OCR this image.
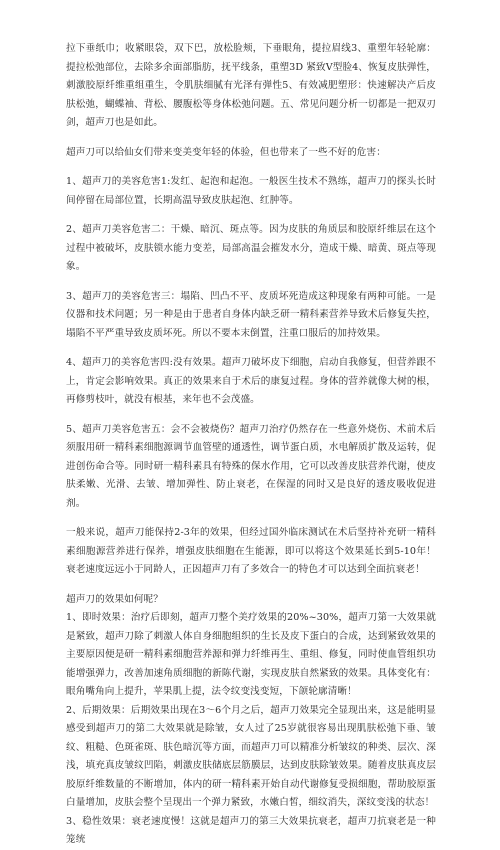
拉下垂纸巾；收紧眼袋，双下巴，放松脸颊，下垂眼角，提拉眉线3、重塑年轻轮廓：提拉松弛部位，去除多余面部脂肪，抚平线条，重塑3D 紧致V型脸4、恢复皮肤弹性，刺激胶原纤维重组重生，令肌肤细腻有光泽有弹性5、有效减肥塑形：快速解决产后皮肤松弛，蝴蝶袖、背松、腰腹松等身体松弛问题。五、常见问题分析一切都是一把双刃剑，超声刀也是如此。

超声刀可以给仙女们带来变美变年轻的体验，但也带来了一些不好的危害：

1、超声刀的美容危害1:发红、起泡和起泡。一般医生技术不熟练，超声刀的探头长时间停留在局部位置，长期高温导致皮肤起泡、红肿等。

2、超声刀美容危害二：干燥、暗沉、斑点等。因为皮肤的角质层和胶原纤维层在这个过程中被破坏，皮肤锁水能力变差，局部高温会摧发水分，造成干燥、暗黄、斑点等现象。

3、超声刀的美容危害三：塌陷、凹凸不平、皮质坏死造成这种现象有两种可能。一是仪器和技术问题；另一种是由于患者自身体内缺乏研一精科素营养导致术后修复失控，塌陷不平严重导致皮质坏死。所以不要本末倒置，注重口服后的加持效果。

4、超声刀的美容危害四:没有效果。超声刀破坏皮下细胞，启动自我修复，但营养跟不上，肯定会影响效果。真正的效果来自于术后的康复过程。身体的营养就像大树的根，再修剪枝叶，就没有根基，来年也不会茂盛。

5、超声刀美容危害五：会不会被烧伤？超声刀治疗仍然存在一些意外烧伤、术前术后须服用研一精科素细胞源调节血管壁的通透性，调节蛋白质，水电解质扩散及运转，促进创伤命合等。同时研一精科素具有特殊的保水作用，它可以改善皮肤营养代谢，使皮肤柔嫩、光滑、去皱、增加弹性、防止衰老，在保湿的同时又是良好的透皮吸收促进剂。

一般来说，超声刀能保持2-3年的效果，但经过国外临床测试在术后坚持补充研一精科素细胞源营养进行保养，增强皮肤细胞在生能源，即可以将这个效果延长到5-10年！衰老速度远远小于同龄人，正因超声刀有了多效合一的特色才可以达到全面抗衰老！

超声刀的效果如何呢？

1、即时效果：治疗后即刻，超声刀整个美疗效果的20%~30%，超声刀第一大效果就是紧致，超声刀除了刺激人体自身细胞组织的生长及皮下蛋白的合成，达到紧致效果的主要原因便是研一精科素细胞营养源和弹力纤维再生、重组、修复，同时使血管组织功能增强弹力，改善加速角质细胞的新陈代谢，实现皮肤自然紧致的效果。具体变化有：眼角嘴角向上提升，苹果肌上提，法令纹变浅变短，下颌轮廓清晰！

2、后期效果：后期效果出现在3～6个月之后，超声刀效果完全显现出来，这是能明显感受到超声刀的第二大效果就是除皱，女人过了25岁就很容易出现肌肤松弛下垂、皱纹、粗糙、色斑雀斑、肤色暗沉等方面，而超声刀可以精准分析皱纹的种类、层次、深浅，填充真皮皱纹凹陷，刺激皮肤储底层筋膜层，达到皮肤除皱效果。随着皮肤真皮层胶原纤维数量的不断增加，体内的研一精科素开始自动代谢修复受损细胞，帮助胶原蛋白量增加，皮肤会整个呈现出一个弹力紧致，水嫩白皙，细纹消失，深纹变浅的状态！

3、稳性效果：衰老速度慢！这就是超声刀的第三大效果抗衰老，超声刀抗衰老是一种笼统
